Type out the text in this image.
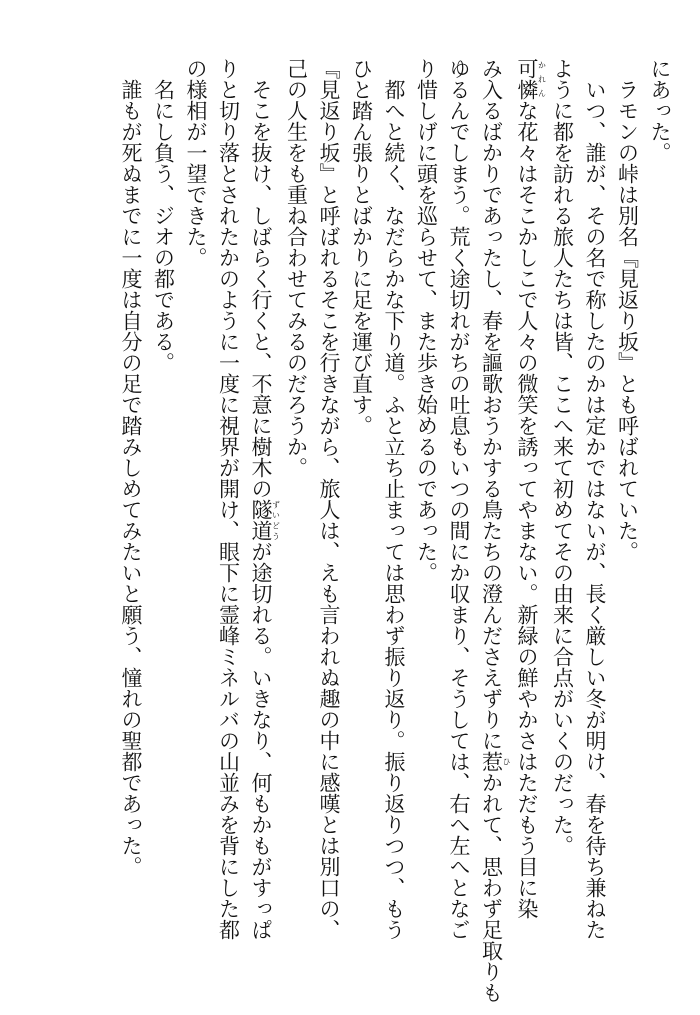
にあった。
　ラモンの峠は別名『見返り坂』とも呼ばれていた。
　いつ、誰が、その名で称したのかは定かではないが、長く厳しい冬が明け、春を待ち兼ねた
ように都を訪れる旅人たちは皆、ここへ来て初めてその由来に合点がいくのだった。
可憐かれんな花々はそこかしこで人々の微笑を誘ってやまない。新緑の鮮やかさはただもう目に染
み入るばかりであったし、春を謳歌おうかする鳥たちの澄んださえずりに惹ひかれて、思わず足取りも
ゆるんでしまう。荒く途切れがちの吐息もいつの間にか収まり、そうしては、右へ左へとなご
り惜しげに頭を巡らせて、また歩き始めるのであった。
　都へと続く、なだらかな下り道。ふと立ち止まっては思わず振り返り。振り返りつつ、もう
ひと踏ん張りとばかりに足を運び直す。
『見返り坂』と呼ばれるそこを行きながら、旅人は、えも言われぬ趣の中に感嘆とは別口の、
己の人生をも重ね合わせてみるのだろうか。
　そこを抜け、しばらく行くと、不意に樹木の隧道ずいどうが途切れる。いきなり、何もかもがすっぱ
りと切り落とされたかのように一度に視界が開け、眼下に霊峰ミネルバの山並みを背にした都
の様相が一望できた。
　名にし負う、ジオの都である。
　誰もが死ぬまでに一度は自分の足で踏みしめてみたいと願う、憧れの聖都であった。
